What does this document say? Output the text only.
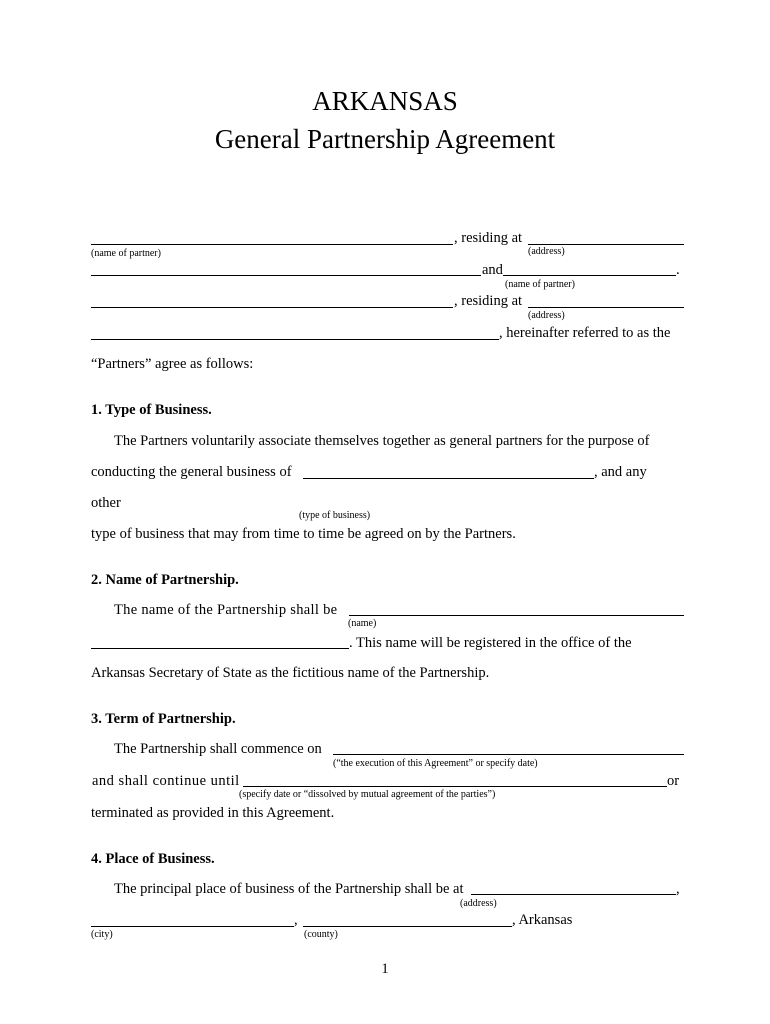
ARKANSAS
General Partnership Agreement
, residing at
(name of partner)	(address)
and	.
(name of partner)
, residing at
(address)
, hereinafter referred to as the
“Partners” agree as follows:
1. Type of Business.
The Partners voluntarily associate themselves together as general partners for the purpose of
conducting the general business of	, and any
other
(type of business)
type of business that may from time to time be agreed on by the Partners.
2. Name of Partnership.
The name of the Partnership shall be
(name)
. This name will be registered in the office of the
Arkansas Secretary of State as the fictitious name of the Partnership.
3. Term of Partnership.
The Partnership shall commence on
(“the execution of this Agreement” or specify date)
and shall continue until	or
(specify date or “dissolved by mutual agreement of the parties”)
terminated as provided in this Agreement.
4. Place of Business.
The principal place of business of the Partnership shall be at	,
(address)
,	, Arkansas
(city)	(county)
1
